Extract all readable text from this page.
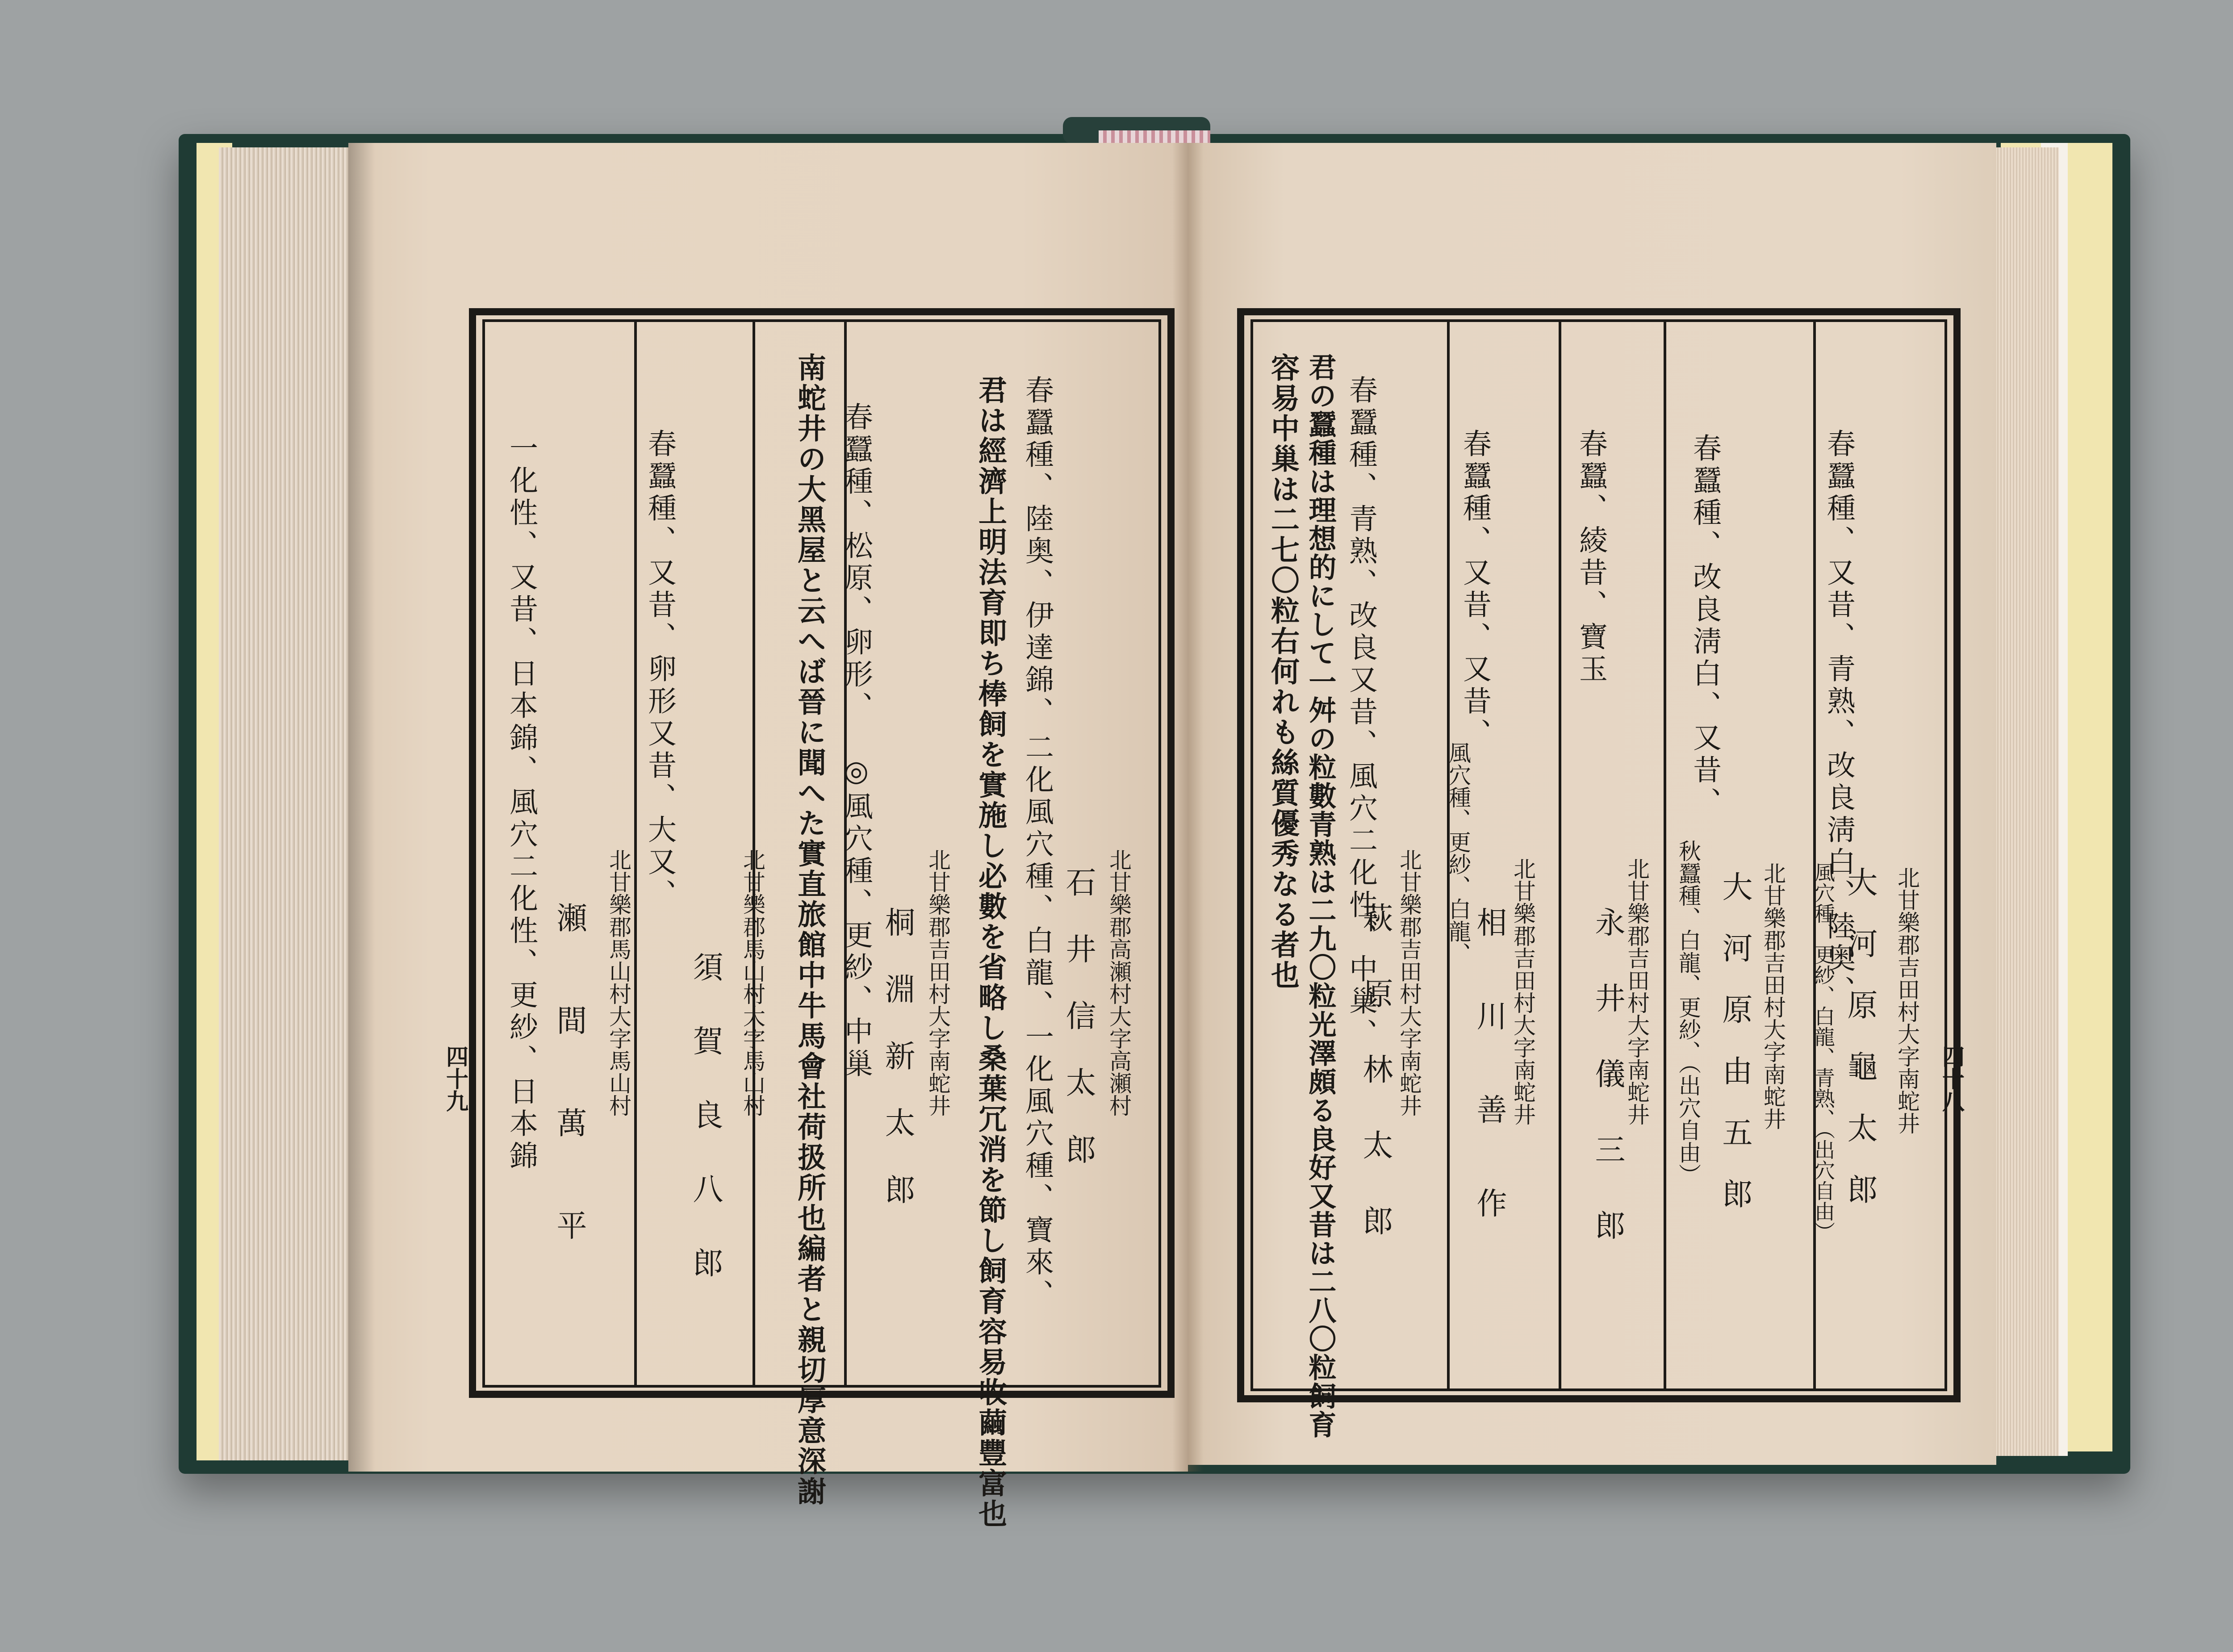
北甘樂郡高瀬村大字高瀬村
石 井 信 太 郎
春蠶種、陸奥、伊達錦、
二化風穴種、白龍、一化風穴種、寶來、
君は經濟上明法育即ち棒飼を實施し必數を省略し桑葉冗消を節し飼育容易收繭豐富也
北甘樂郡吉田村大字南蛇井
桐 淵 新 太 郎
春蠶種、松原、卵形、
◎風穴種、更紗、中巢
南蛇井の大黑屋と云へば晉に聞へた實直旅館中牛馬會社荷扱所也編者と親切厚意深謝
北甘樂郡馬山村大字馬山村
須 賀 良 八 郎
春蠶種、又昔、卵形又昔、大又、
北甘樂郡馬山村大字馬山村
瀬 間 萬 平
一化性、又昔、日本錦、風穴二化性、更紗、日本錦
四十九	北甘樂郡吉田村大字南蛇井
大 河 原 龜 太 郎
春蠶種、又昔、青熟、改良淸白、陸奥、
風穴種、更紗、白龍、青熟、（出穴自由）
北甘樂郡吉田村大字南蛇井
大 河 原 由 五 郎
春蠶種、改良淸白、又昔、
秋蠶種、白龍、更紗、（出穴自由）
北甘樂郡吉田村大字南蛇井
永 井 儀 三 郎
春蠶、綾昔、寶玉
北甘樂郡吉田村大字南蛇井
相 川 善 作
春蠶種、又昔、又昔、
風穴種、更紗、白龍、
北甘樂郡吉田村大字南蛇井
萩 原 林 太 郎
春蠶種、青熟、改良又昔、風穴二化性、中巢、
君の蠶種は理想的にして一舛の粒數青熟は二九〇粒光澤頗る良好又昔は二八〇粒飼育
容易中巢は二七〇粒右何れも絲質優秀なる者也
四十八
